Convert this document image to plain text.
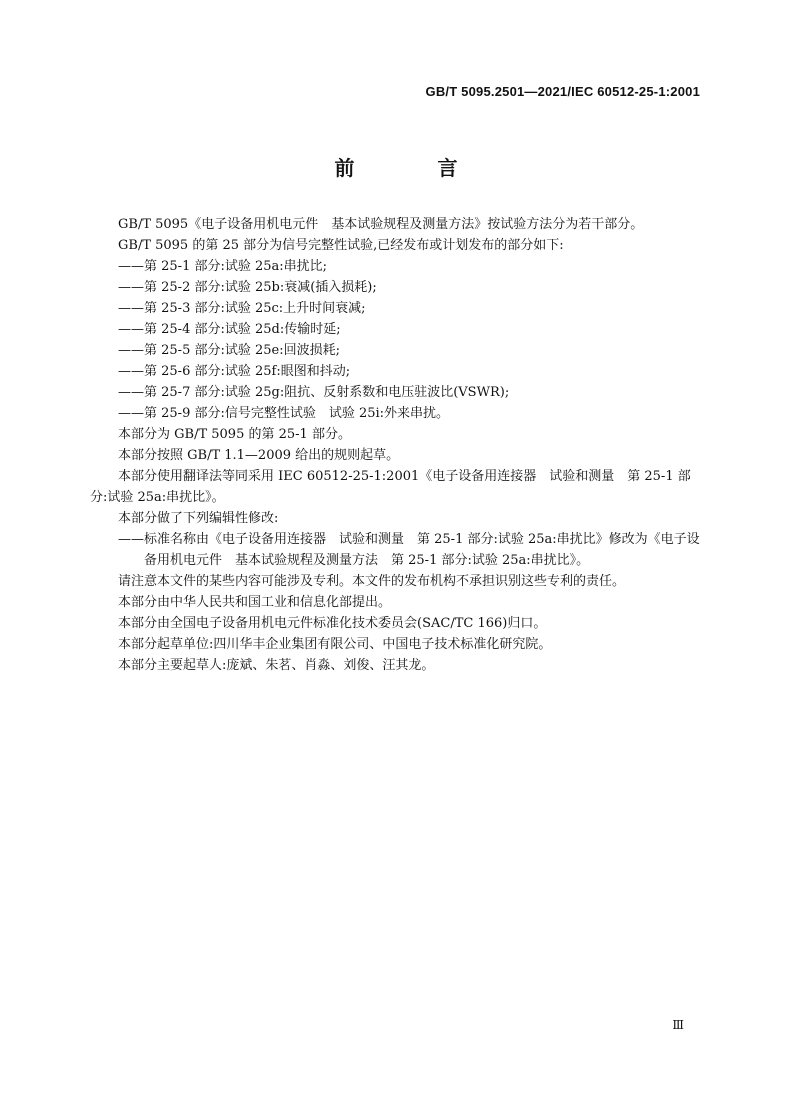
GB/T 5095.2501—2021/IEC 60512-25-1:2001
前 言

GB/T 5095《电子设备用机电元件　基本试验规程及测量方法》按试验方法分为若干部分。

GB/T 5095 的第 25 部分为信号完整性试验,已经发布或计划发布的部分如下:

——第 25-1 部分:试验 25a:串扰比;

——第 25-2 部分:试验 25b:衰减(插入损耗);

——第 25-3 部分:试验 25c:上升时间衰减;

——第 25-4 部分:试验 25d:传输时延;

——第 25-5 部分:试验 25e:回波损耗;

——第 25-6 部分:试验 25f:眼图和抖动;

——第 25-7 部分:试验 25g:阻抗、反射系数和电压驻波比(VSWR);

——第 25-9 部分:信号完整性试验　试验 25i:外来串扰。

本部分为 GB/T 5095 的第 25-1 部分。

本部分按照 GB/T 1.1—2009 给出的规则起草。

本部分使用翻译法等同采用 IEC 60512-25-1:2001《电子设备用连接器　试验和测量　第 25-1 部分:试验 25a:串扰比》。

本部分做了下列编辑性修改:

——标准名称由《电子设备用连接器　试验和测量　第 25-1 部分:试验 25a:串扰比》修改为《电子设备用机电元件　基本试验规程及测量方法　第 25-1 部分:试验 25a:串扰比》。

请注意本文件的某些内容可能涉及专利。本文件的发布机构不承担识别这些专利的责任。

本部分由中华人民共和国工业和信息化部提出。

本部分由全国电子设备用机电元件标准化技术委员会(SAC/TC 166)归口。

本部分起草单位:四川华丰企业集团有限公司、中国电子技术标准化研究院。

本部分主要起草人:庞斌、朱茗、肖淼、刘俊、汪其龙。

Ⅲ
